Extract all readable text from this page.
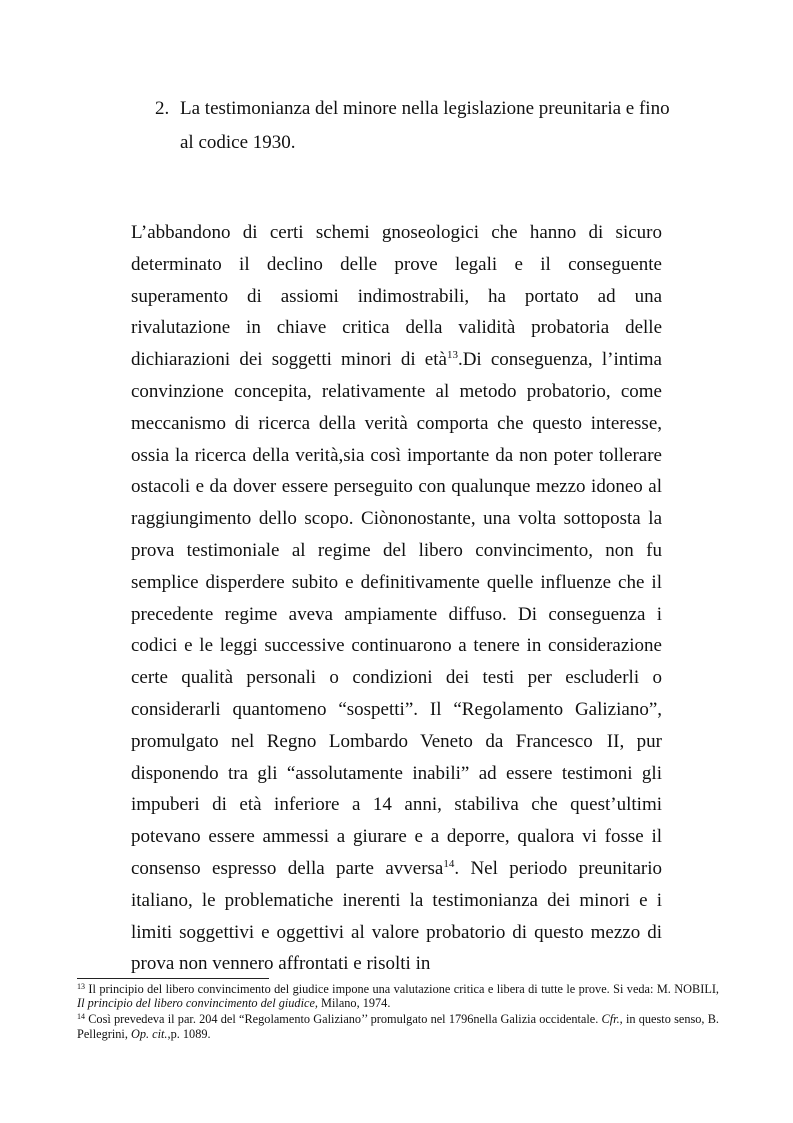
2. La testimonianza del minore nella legislazione preunitaria e fino al codice 1930.
L’abbandono di certi schemi gnoseologici che hanno di sicuro determinato il declino delle prove legali e il conseguente superamento di assiomi indimostrabili, ha portato ad una rivalutazione in chiave critica della validità probatoria delle dichiarazioni dei soggetti minori di età$^{13}$.Di conseguenza, l’intima convinzione concepita, relativamente al metodo probatorio, come meccanismo di ricerca della verità comporta che questo interesse, ossia la ricerca della verità,sia così importante da non poter tollerare ostacoli e da dover essere perseguito con qualunque mezzo idoneo al raggiungimento dello scopo. Ciònonostante, una volta sottoposta la prova testimoniale al regime del libero convincimento, non fu semplice disperdere subito e definitivamente quelle influenze che il precedente regime aveva ampiamente diffuso. Di conseguenza i codici e le leggi successive continuarono a tenere in considerazione certe qualità personali o condizioni dei testi per escluderli o considerarli quantomeno “sospetti”. Il “Regolamento Galiziano”, promulgato nel Regno Lombardo Veneto da Francesco II, pur disponendo tra gli “assolutamente inabili” ad essere testimoni gli impuberi di età inferiore a 14 anni, stabiliva che quest’ultimi potevano essere ammessi a giurare e a deporre, qualora vi fosse il consenso espresso della parte avversa$^{14}$. Nel periodo preunitario italiano, le problematiche inerenti la testimonianza dei minori e i limiti soggettivi e oggettivi al valore probatorio di questo mezzo di prova non vennero affrontati e risolti in
$^{13}$ Il principio del libero convincimento del giudice impone una valutazione critica e libera di tutte le prove. Si veda: M. NOBILI, Il principio del libero convincimento del giudice, Milano, 1974.
$^{14}$ Così prevedeva il par. 204 del “Regolamento Galiziano’’ promulgato nel 1796nella Galizia occidentale. Cfr., in questo senso, B. Pellegrini, Op. cit.,p. 1089.
